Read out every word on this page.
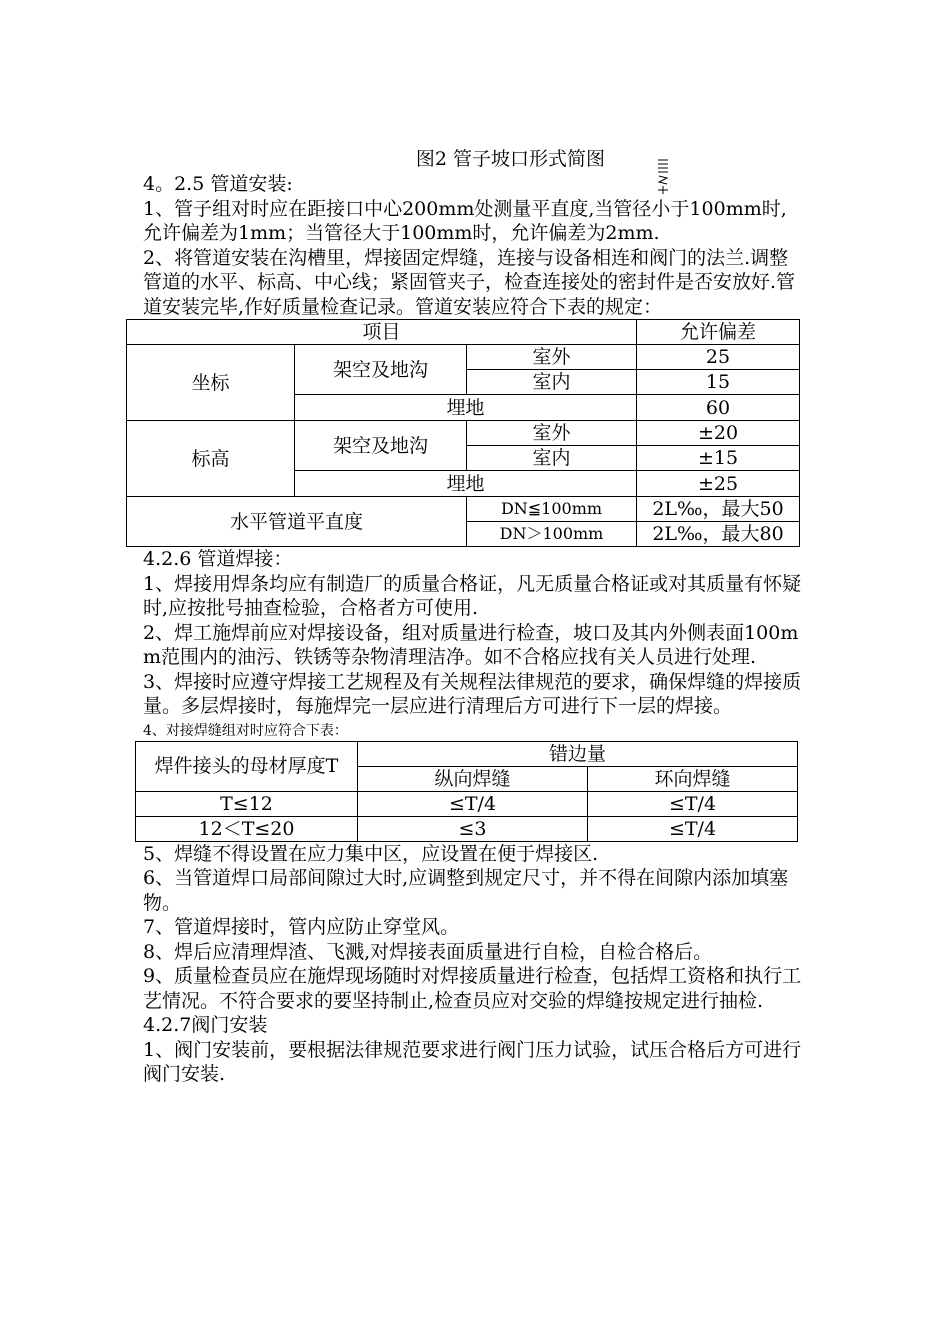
图2 管子坡口形式简图

4。2.5 管道安装:

1、管子组对时应在距接口中心200mm处测量平直度,当管径小于100mm时,允许偏差为1mm；当管径大于100mm时，允许偏差为2mm.

2、将管道安装在沟槽里，焊接固定焊缝，连接与设备相连和阀门的法兰.调整管道的水平、标高、中心线；紧固管夹子，检查连接处的密封件是否安放好.管道安装完毕,作好质量检查记录。管道安装应符合下表的规定：

项目			允许偏差
坐标	架空及地沟	室外	25
		室内	15
	埋地		60
标高	架空及地沟	室外	±20
		室内	±15
	埋地		±25
水平管道平直度		DN≦100mm	2L‰，最大50
		DN＞100mm	2L‰，最大80

4.2.6 管道焊接：

1、焊接用焊条均应有制造厂的质量合格证，凡无质量合格证或对其质量有怀疑时,应按批号抽查检验，合格者方可使用.

2、焊工施焊前应对焊接设备，组对质量进行检查，坡口及其内外侧表面100mm范围内的油污、铁锈等杂物清理洁净。如不合格应找有关人员进行处理.

3、焊接时应遵守焊接工艺规程及有关规程法律规范的要求，确保焊缝的焊接质量。多层焊接时，每施焊完一层应进行清理后方可进行下一层的焊接。

4、对接焊缝组对时应符合下表：

焊件接头的母材厚度T	错边量	
	纵向焊缝	环向焊缝
T≤12	≤T/4	≤T/4
12＜T≤20	≤3	≤T/4

5、焊缝不得设置在应力集中区，应设置在便于焊接区.

6、当管道焊口局部间隙过大时,应调整到规定尺寸，并不得在间隙内添加填塞物。

7、管道焊接时，管内应防止穿堂风。

8、焊后应清理焊渣、飞溅,对焊接表面质量进行自检，自检合格后。

9、质量检查员应在施焊现场随时对焊接质量进行检查，包括焊工资格和执行工艺情况。不符合要求的要坚持制止,检查员应对交验的焊缝按规定进行抽检.

4.2.7阀门安装

1、阀门安装前，要根据法律规范要求进行阀门压力试验，试压合格后方可进行阀门安装.
